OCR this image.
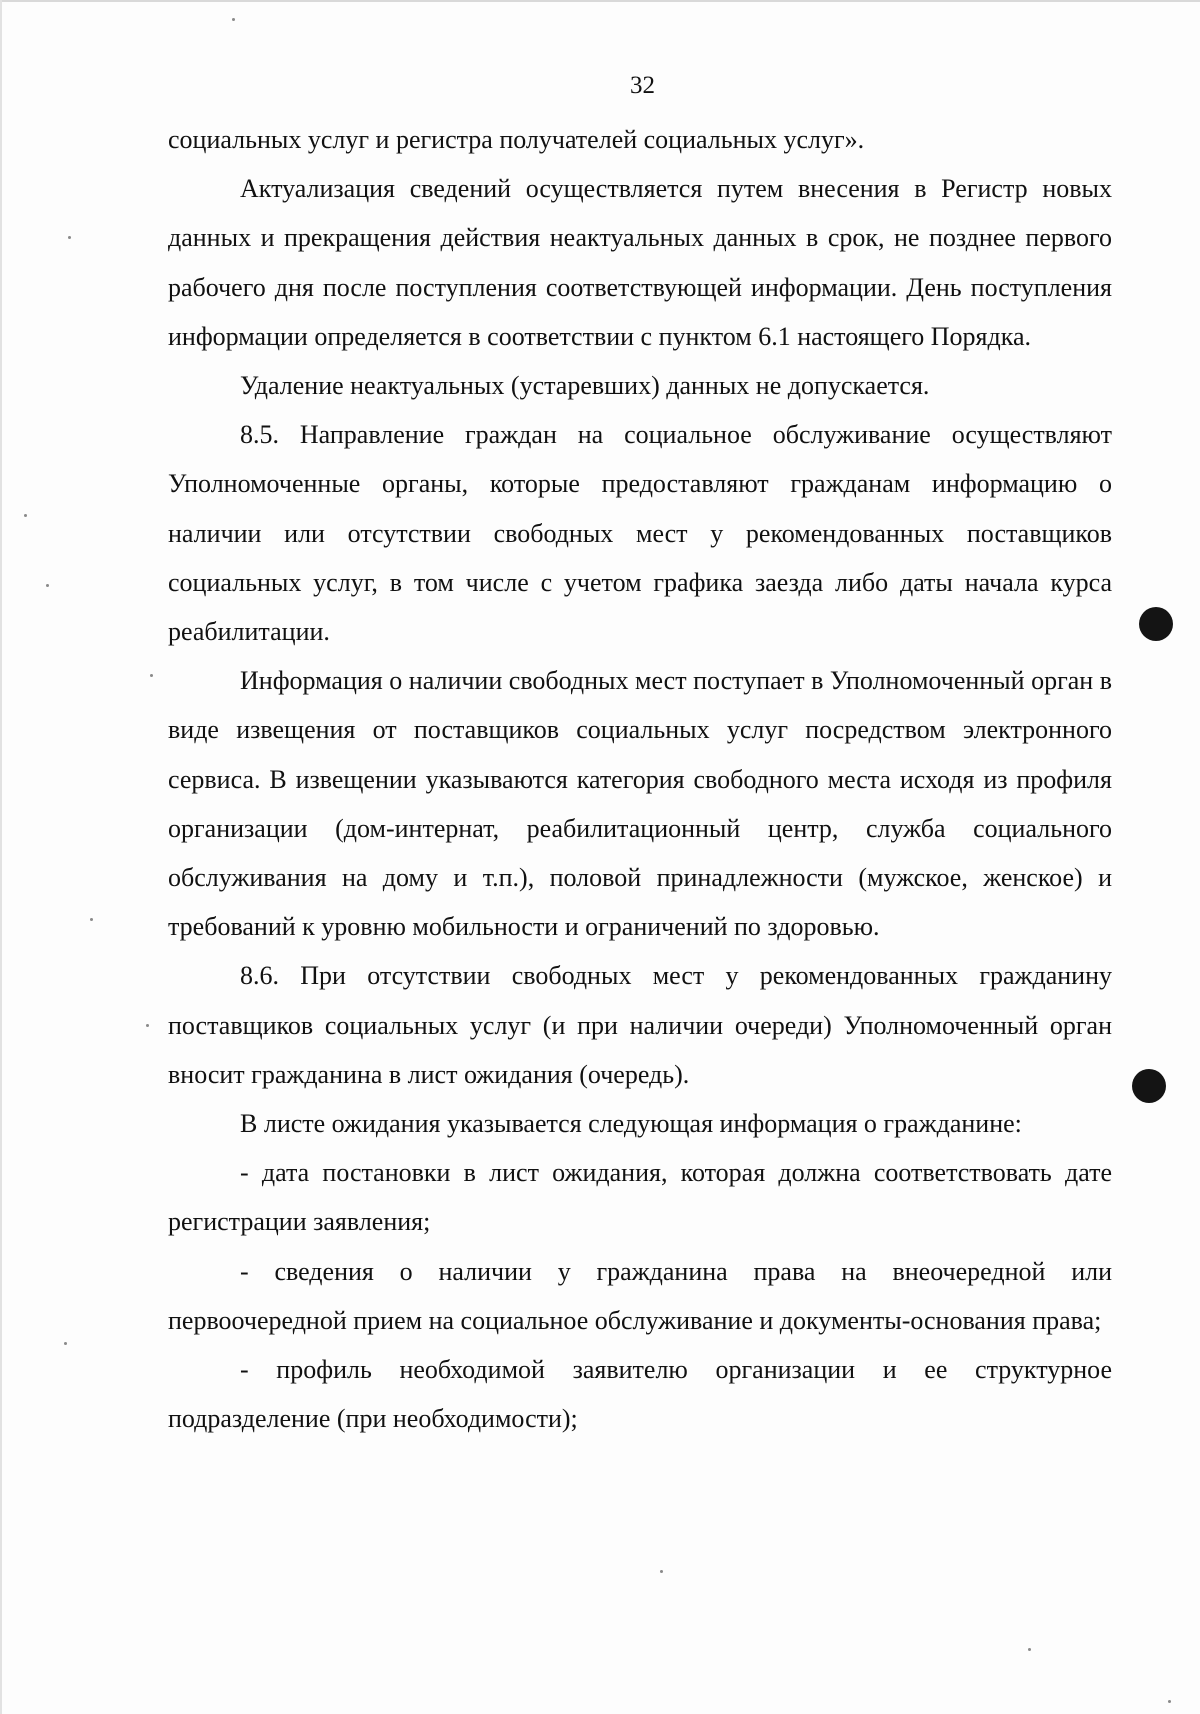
32

социальных услуг и регистра получателей социальных услуг».

Актуализация сведений осуществляется путем внесения в Регистр новых данных и прекращения действия неактуальных данных в срок, не позднее первого рабочего дня после поступления соответствующей информации. День поступления информации определяется в соответствии с пунктом 6.1 настоящего Порядка.

Удаление неактуальных (устаревших) данных не допускается.

8.5. Направление граждан на социальное обслуживание осуществляют Уполномоченные органы, которые предоставляют гражданам информацию о наличии или отсутствии свободных мест у рекомендованных поставщиков социальных услуг, в том числе с учетом графика заезда либо даты начала курса реабилитации.

Информация о наличии свободных мест поступает в Уполномоченный орган в виде извещения от поставщиков социальных услуг посредством электронного сервиса. В извещении указываются категория свободного места исходя из профиля организации (дом-интернат, реабилитационный центр, служба социального обслуживания на дому и т.п.), половой принадлежности (мужское, женское) и требований к уровню мобильности и ограничений по здоровью.

8.6. При отсутствии свободных мест у рекомендованных гражданину поставщиков социальных услуг (и при наличии очереди) Уполномоченный орган вносит гражданина в лист ожидания (очередь).

В листе ожидания указывается следующая информация о гражданине:

- дата постановки в лист ожидания, которая должна соответствовать дате регистрации заявления;

- сведения о наличии у гражданина права на внеочередной или первоочередной прием на социальное обслуживание и документы-основания права;

- профиль необходимой заявителю организации и ее структурное подразделение (при необходимости);
